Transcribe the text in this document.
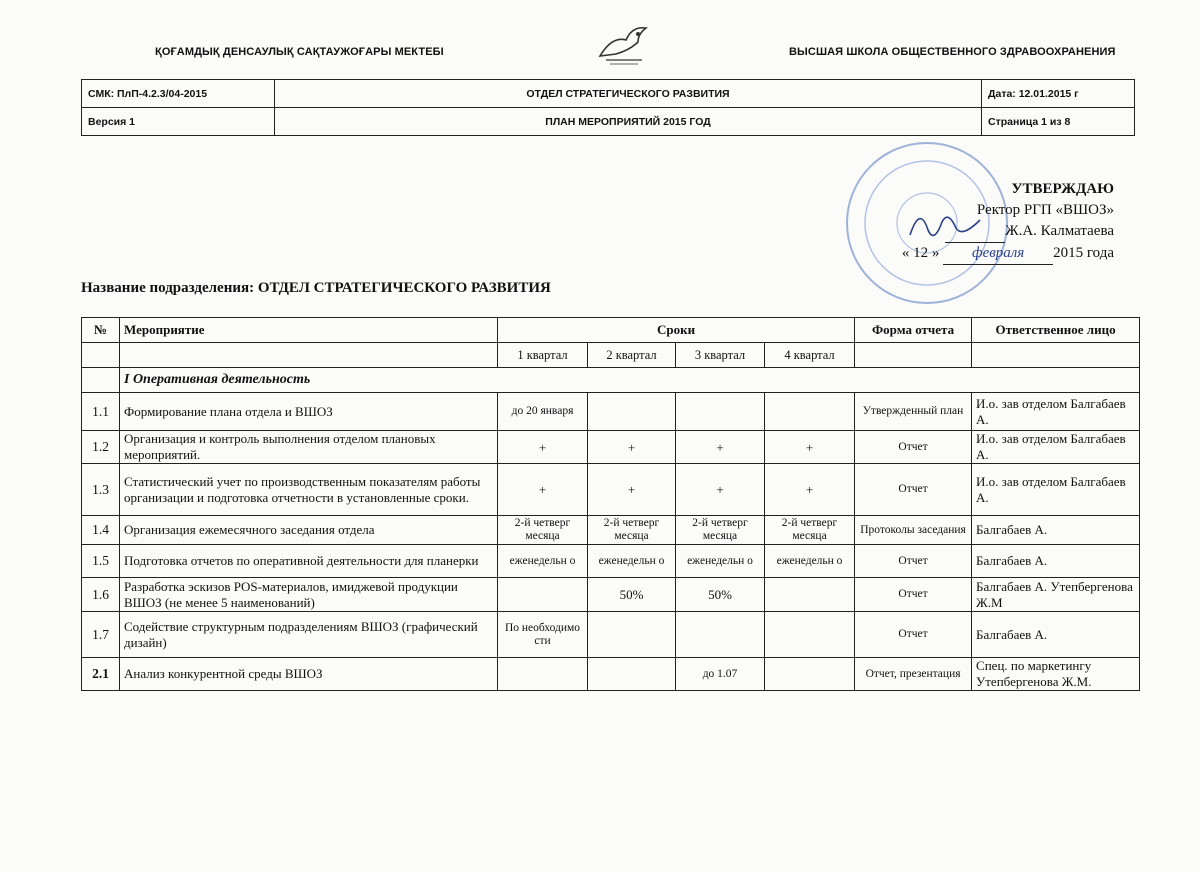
ҚОҒАМДЫҚ ДЕНСАУЛЫҚ САҚТАУЖОҒАРЫ МЕКТЕБІ	ВЫСШАЯ ШКОЛА ОБЩЕСТВЕННОГО ЗДРАВООХРАНЕНИЯ
СМК: ПлП-4.2.3/04-2015	ОТДЕЛ СТРАТЕГИЧЕСКОГО РАЗВИТИЯ	Дата: 12.01.2015 г
Версия 1	ПЛАН МЕРОПРИЯТИЙ 2015 ГОД	Страница 1 из 8
УТВЕРЖДАЮ
Ректор РГП «ВШОЗ»
Ж.А. Калматаева
« 12 » февраля 2015 года
Название подразделения: ОТДЕЛ СТРАТЕГИЧЕСКОГО РАЗВИТИЯ
№	Мероприятие	Сроки				Форма отчета	Ответственное лицо
		1 квартал	2 квартал	3 квартал	4 квартал		
	I Оперативная деятельность						
1.1	Формирование плана отдела и ВШОЗ	до 20 января				Утвержденный план	И.о. зав отделом Балгабаев А.
1.2	Организация и контроль выполнения отделом плановых мероприятий.	+	+	+	+	Отчет	И.о. зав отделом Балгабаев А.
1.3	Статистический учет по производственным показателям работы организации и подготовка отчетности в установленные сроки.	+	+	+	+	Отчет	И.о. зав отделом Балгабаев А.
1.4	Организация ежемесячного заседания отдела	2-й четверг месяца	2-й четверг месяца	2-й четверг месяца	2-й четверг месяца	Протоколы заседания	Балгабаев А.
1.5	Подготовка отчетов по оперативной деятельности для планерки	еженедельн о	еженедельн о	еженедельн о	еженедельн о	Отчет	Балгабаев А.
1.6	Разработка эскизов POS-материалов, имиджевой продукции ВШОЗ (не менее 5 наименований)		50%	50%		Отчет	Балгабаев А. Утепбергенова Ж.М
1.7	Содействие структурным подразделениям ВШОЗ (графический дизайн)	По необходимо сти				Отчет	Балгабаев А.
2.1	Анализ конкурентной среды ВШОЗ			до 1.07		Отчет, презентация	Спец. по маркетингу Утепбергенова Ж.М.
